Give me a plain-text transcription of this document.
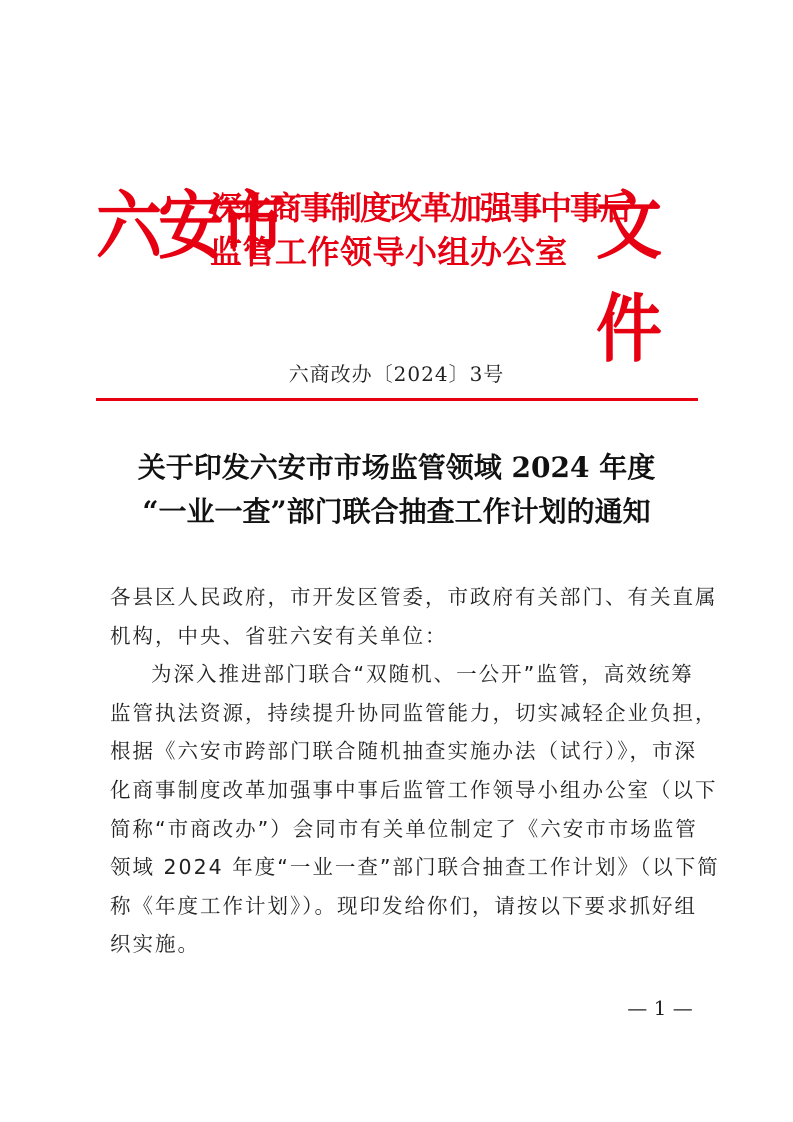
六安市
深化商事制度改革加强事中事后
监管工作领导小组办公室 文件
六商改办〔2024〕3号
关于印发六安市市场监管领域 2024 年度
“一业一查”部门联合抽查工作计划的通知
各县区人民政府，市开发区管委，市政府有关部门、有关直属
机构，中央、省驻六安有关单位：
为深入推进部门联合“双随机、一公开”监管，高效统筹
监管执法资源，持续提升协同监管能力，切实减轻企业负担，
根据《六安市跨部门联合随机抽查实施办法（试行）》，市深
化商事制度改革加强事中事后监管工作领导小组办公室（以下
简称“市商改办”）会同市有关单位制定了《六安市市场监管
领域 2024 年度“一业一查”部门联合抽查工作计划》（以下简
称《年度工作计划》）。现印发给你们，请按以下要求抓好组
织实施。
— 1 —
